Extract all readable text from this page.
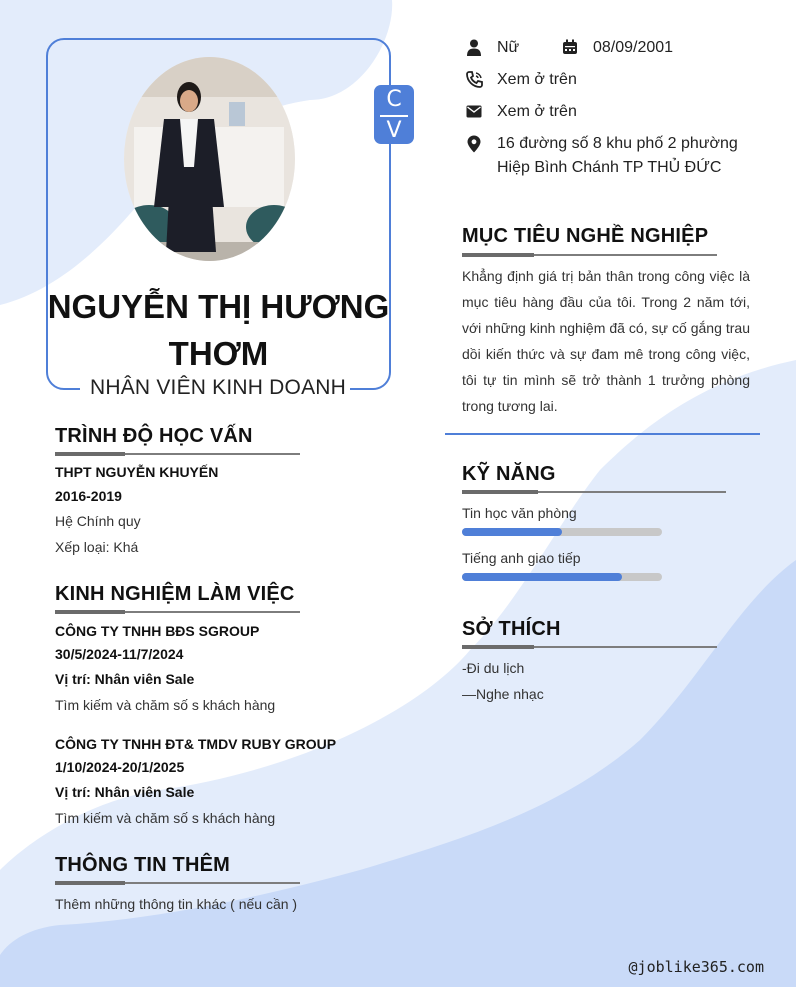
C
V
NGUYỄN THỊ HƯƠNG
THƠM
NHÂN VIÊN KINH DOANH
Nữ	08/09/2001
Xem ở trên
Xem ở trên
16 đường số 8 khu phố 2 phường
Hiệp Bình Chánh TP THỦ ĐỨC
MỤC TIÊU NGHỀ NGHIỆP
Khẳng định giá trị bản thân trong công việc là mục tiêu hàng đầu của tôi. Trong 2 năm tới, với những kinh nghiệm đã có, sự cố gắng trau dồi kiến thức và sự đam mê trong công việc, tôi tự tin mình sẽ trở thành 1 trưởng phòng trong tương lai.
TRÌNH ĐỘ HỌC VẤN
THPT NGUYỄN KHUYẾN
2016-2019
Hệ Chính quy
Xếp loại: Khá
KINH NGHIỆM LÀM VIỆC
CÔNG TY TNHH BĐS SGROUP
30/5/2024-11/7/2024
Vị trí: Nhân viên Sale
Tìm kiếm và chăm số s khách hàng
CÔNG TY TNHH ĐT& TMDV RUBY GROUP
1/10/2024-20/1/2025
Vị trí: Nhân viên Sale
Tìm kiếm và chăm số s khách hàng
THÔNG TIN THÊM
Thêm những thông tin khác ( nếu cần )
KỸ NĂNG
Tin học văn phòng
Tiếng anh giao tiếp
SỞ THÍCH
-Đi du lịch
—Nghe nhạc
@joblike365.com
